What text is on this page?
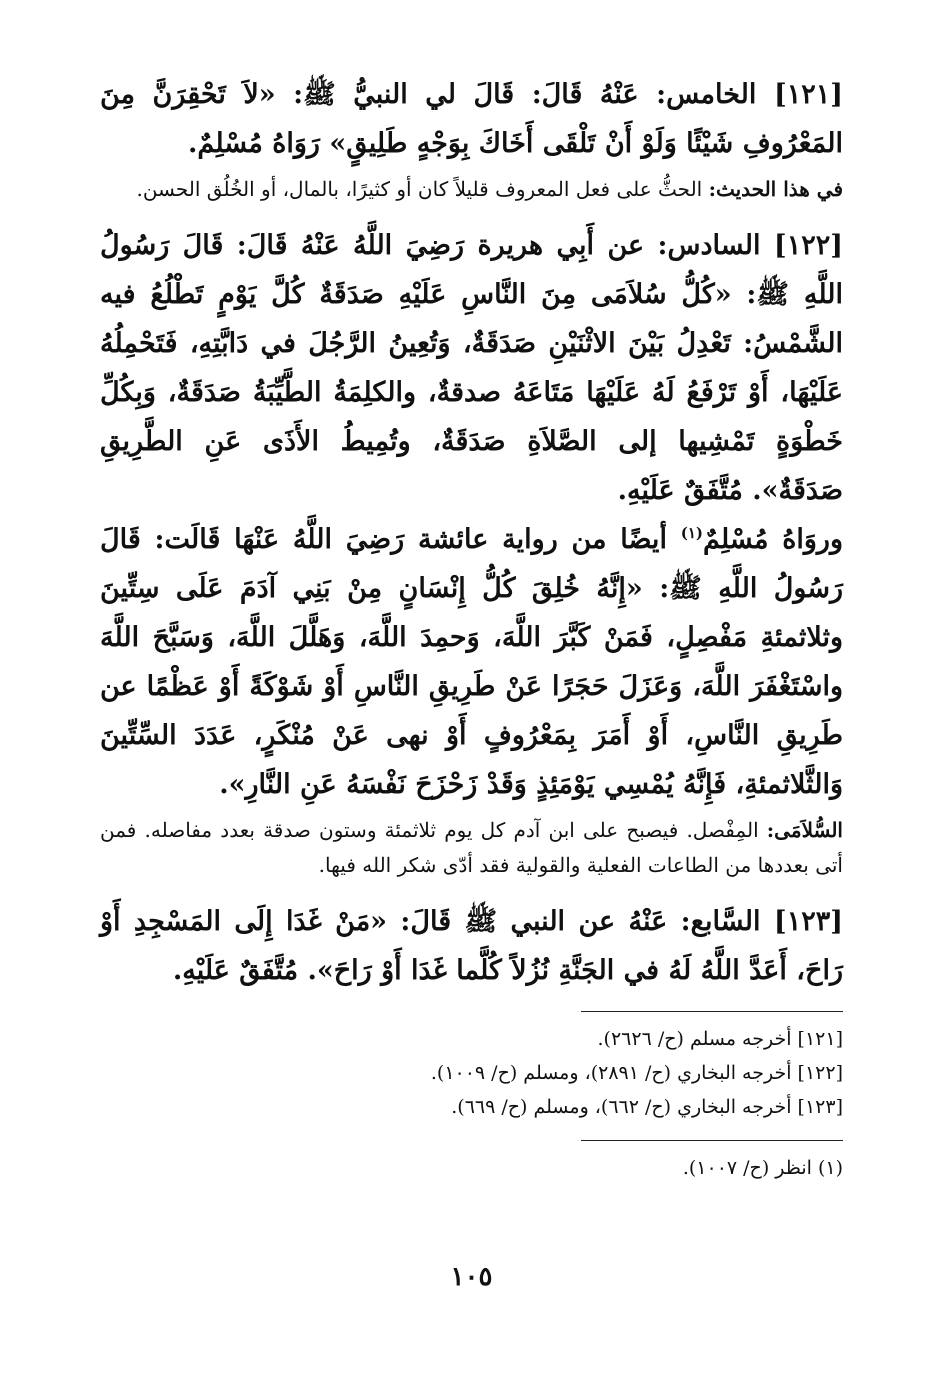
[١٢١] الخامس: عَنْهُ قَالَ: قَالَ لي النبيُّ ﷺ: «لاَ تَحْقِرَنَّ مِنَ المَعْرُوفِ شَيْئًا وَلَوْ أَنْ تَلْقَى أَخَاكَ بِوَجْهٍ طَلِيقٍ» رَوَاهُ مُسْلِمٌ.

في هذا الحديث: الحثُّ على فعل المعروف قليلاً كان أو كثيرًا، بالمال، أو الخُلُق الحسن.

[١٢٢] السادس: عن أَبِي هريرة رَضِيَ اللَّهُ عَنْهُ قَالَ: قَالَ رَسُولُ اللَّهِ ﷺ: «كُلُّ سُلاَمَى مِنَ النَّاسِ عَلَيْهِ صَدَقَةٌ كُلَّ يَوْمٍ تَطْلُعُ فيه الشَّمْسُ: تَعْدِلُ بَيْنَ الاثْنَيْنِ صَدَقَةٌ، وَتُعِينُ الرَّجُلَ في دَابَّتِهِ، فَتَحْمِلُهُ عَلَيْهَا، أَوْ تَرْفَعُ لَهُ عَلَيْهَا مَتَاعَهُ صدقةٌ، والكلِمَةُ الطَّيِّبَةُ صَدَقَةٌ، وَبِكُلِّ خَطْوَةٍ تَمْشِيها إلى الصَّلاَةِ صَدَقَةٌ، وتُمِيطُ الأَذَى عَنِ الطَّرِيقِ صَدَقَةٌ». مُتَّفَقٌ عَلَيْهِ.

وروَاهُ مُسْلِمٌ$^{(١)}$ أيضًا من رواية عائشة رَضِيَ اللَّهُ عَنْهَا قَالَت: قَالَ رَسُولُ اللَّهِ ﷺ: «إِنَّهُ خُلِقَ كُلُّ إِنْسَانٍ مِنْ بَنِي آدَمَ عَلَى سِتِّينَ وثلاثمئةِ مَفْصِلٍ، فَمَنْ كَبَّرَ اللَّهَ، وَحمِدَ اللَّهَ، وَهَلَّلَ اللَّهَ، وَسَبَّحَ اللَّهَ واسْتَغْفَرَ اللَّهَ، وَعَزَلَ حَجَرًا عَنْ طَرِيقِ النَّاسِ أَوْ شَوْكَةً أَوْ عَظْمًا عن طَرِيقِ النَّاسِ، أَوْ أَمَرَ بِمَعْرُوفٍ أَوْ نهى عَنْ مُنْكَرٍ، عَدَدَ السِّتِّينَ وَالثَّلاثمئةِ، فَإِنَّهُ يُمْسِي يَوْمَئِذٍ وَقَدْ زَحْزَحَ نَفْسَهُ عَنِ النَّارِ».

السُّلاَمَى: المِفْصل. فيصبح على ابن آدم كل يوم ثلاثمئة وستون صدقة بعدد مفاصله. فمن أتى بعددها من الطاعات الفعلية والقولية فقد أدّى شكر الله فيها.

[١٢٣] السَّابع: عَنْهُ عن النبي ﷺ قَالَ: «مَنْ غَدَا إِلَى المَسْجِدِ أَوْ رَاحَ، أَعَدَّ اللَّهُ لَهُ في الجَنَّةِ نُزُلاً كُلَّما غَدَا أَوْ رَاحَ». مُتَّفَقٌ عَلَيْهِ.

[١٢١] أخرجه مسلم (ح/ ٢٦٢٦).
[١٢٢] أخرجه البخاري (ح/ ٢٨٩١)، ومسلم (ح/ ١٠٠٩).
[١٢٣] أخرجه البخاري (ح/ ٦٦٢)، ومسلم (ح/ ٦٦٩).
(١) انظر (ح/ ١٠٠٧).
١٠٥
